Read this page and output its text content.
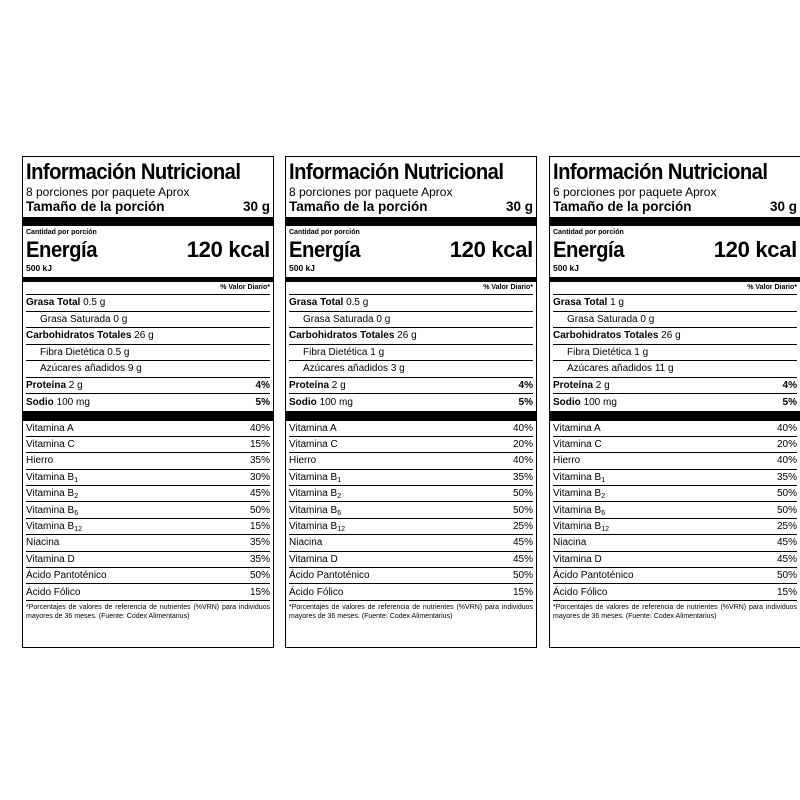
Información Nutricional
8 porciones por paquete Aprox
Tamaño de la porción	30 g
Cantidad por porción
Energía	120 kcal
500 kJ
% Valor Diario*
Grasa Total 0.5 g
Grasa Saturada 0 g
Carbohidratos Totales 26 g
Fibra Dietética 0.5 g
Azúcares añadidos 9 g
Proteína 2 g	4%
Sodio 100 mg	5%
Vitamina A	40%
Vitamina C	15%
Hierro	35%
Vitamina $B_1$	30%
Vitamina $B_2$	45%
Vitamina $B_6$	50%
Vitamina $B_{12}$	15%
Niacina	35%
Vitamina D	35%
Ácido Pantoténico	50%
Ácido Fólico	15%
*Porcentajes de valores de referencia de nutrientes (%VRN) para individuos mayores de 36 meses. (Fuente: Codex Alimentarius)
Información Nutricional
8 porciones por paquete Aprox
Tamaño de la porción	30 g
Cantidad por porción
Energía	120 kcal
500 kJ
% Valor Diario*
Grasa Total 0.5 g
Grasa Saturada 0 g
Carbohidratos Totales 26 g
Fibra Dietética 1 g
Azúcares añadidos 3 g
Proteína 2 g	4%
Sodio 100 mg	5%
Vitamina A	40%
Vitamina C	20%
Hierro	40%
Vitamina $B_1$	35%
Vitamina $B_2$	50%
Vitamina $B_6$	50%
Vitamina $B_{12}$	25%
Niacina	45%
Vitamina D	45%
Ácido Pantoténico	50%
Ácido Fólico	15%
*Porcentajes de valores de referencia de nutrientes (%VRN) para individuos mayores de 36 meses. (Fuente: Codex Alimentarius)
Información Nutricional
6 porciones por paquete Aprox
Tamaño de la porción	30 g
Cantidad por porción
Energía	120 kcal
500 kJ
% Valor Diario*
Grasa Total 1 g
Grasa Saturada 0 g
Carbohidratos Totales 26 g
Fibra Dietética 1 g
Azúcares añadidos 11 g
Proteína 2 g	4%
Sodio 100 mg	5%
Vitamina A	40%
Vitamina C	20%
Hierro	40%
Vitamina $B_1$	35%
Vitamina $B_2$	50%
Vitamina $B_6$	50%
Vitamina $B_{12}$	25%
Niacina	45%
Vitamina D	45%
Ácido Pantoténico	50%
Ácido Fólico	15%
*Porcentajes de valores de referencia de nutrientes (%VRN) para individuos mayores de 36 meses. (Fuente: Codex Alimentarius)
